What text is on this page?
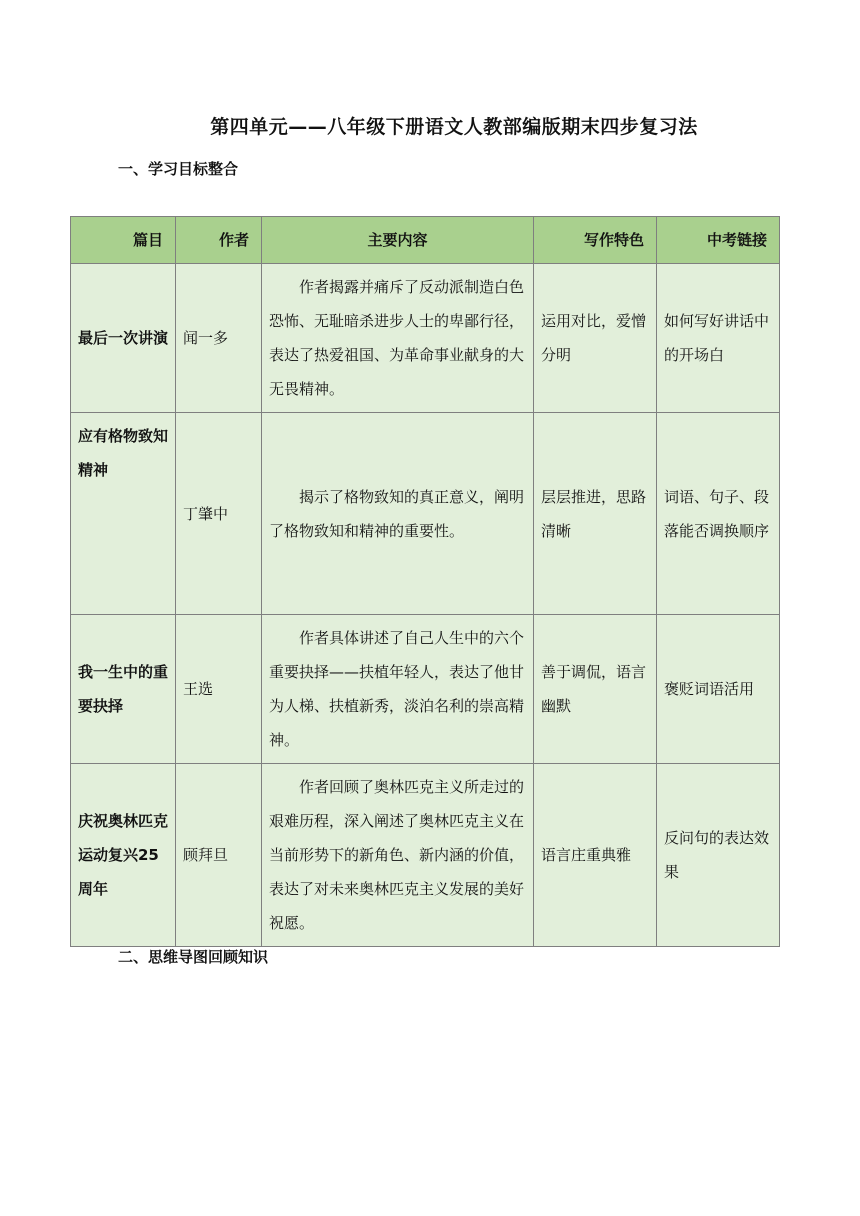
第四单元——八年级下册语文人教部编版期末四步复习法
一、学习目标整合
篇目	作者	主要内容	写作特色	中考链接
最后一次讲演	闻一多	作者揭露并痛斥了反动派制造白色恐怖、无耻暗杀进步人士的卑鄙行径，表达了热爱祖国、为革命事业献身的大无畏精神。	运用对比，爱憎分明	如何写好讲话中的开场白
应有格物致知精神	丁肇中	揭示了格物致知的真正意义，阐明了格物致知和精神的重要性。	层层推进，思路清晰	词语、句子、段落能否调换顺序
我一生中的重要抉择	王选	作者具体讲述了自己人生中的六个重要抉择——扶植年轻人，表达了他甘为人梯、扶植新秀，淡泊名利的崇高精神。	善于调侃，语言幽默	褒贬词语活用
庆祝奥林匹克运动复兴25周年	顾拜旦	作者回顾了奥林匹克主义所走过的艰难历程，深入阐述了奥林匹克主义在当前形势下的新角色、新内涵的价值，表达了对未来奥林匹克主义发展的美好祝愿。	语言庄重典雅	反问句的表达效果
二、思维导图回顾知识
